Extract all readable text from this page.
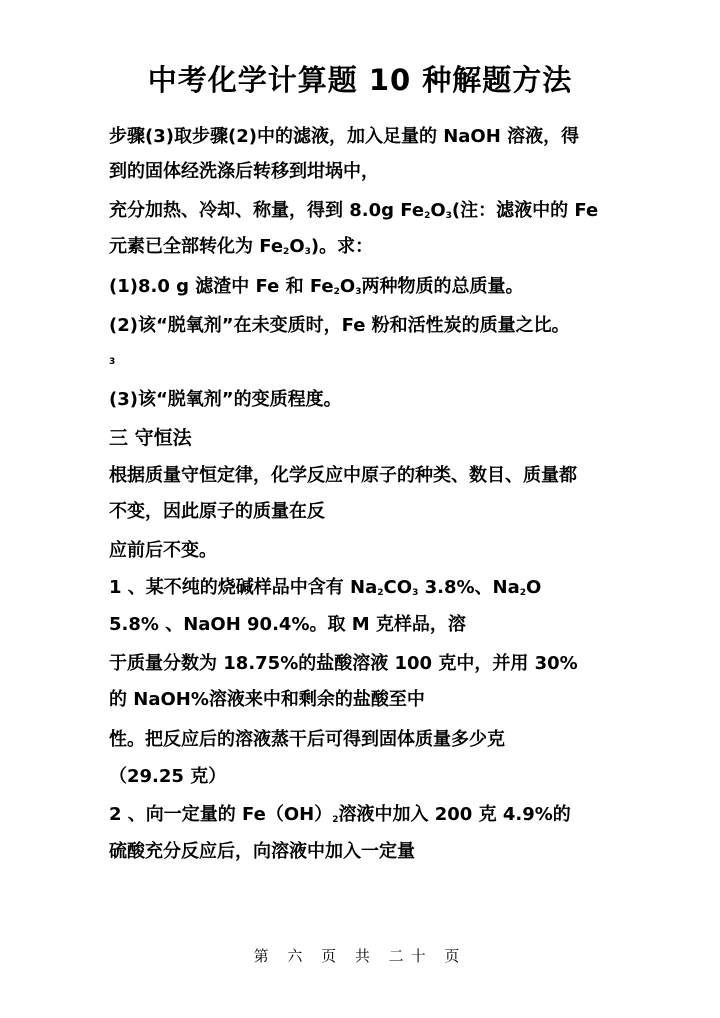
中考化学计算题 10 种解题方法
步骤(3)取步骤(2)中的滤液，加入足量的 NaOH 溶液，得
到的固体经洗涤后转移到坩埚中，
充分加热、冷却、称量，得到 8.0g $Fe_2O_3$(注：滤液中的 Fe
元素已全部转化为 $Fe_2O_3$)。求：
(1)8.0 g 滤渣中 Fe 和 $Fe_2O_3$两种物质的总质量。
(2)该“脱氧剂”在未变质时，Fe 粉和活性炭的质量之比。
3
(3)该“脱氧剂”的变质程度。
三 守恒法
根据质量守恒定律，化学反应中原子的种类、数目、质量都
不变，因此原子的质量在反
应前后不变。
1 、某不纯的烧碱样品中含有 $Na_2CO_3$ 3.8%、$Na_2O$
5.8% 、NaOH 90.4%。取 M 克样品，溶
于质量分数为 18.75%的盐酸溶液 100 克中，并用 30%
的 NaOH%溶液来中和剩余的盐酸至中
性。把反应后的溶液蒸干后可得到固体质量多少克
（29.25 克）
2 、向一定量的 $Fe(OH)_2$溶液中加入 200 克 4.9%的
硫酸充分反应后，向溶液中加入一定量
第 六 页 共 二十 页
